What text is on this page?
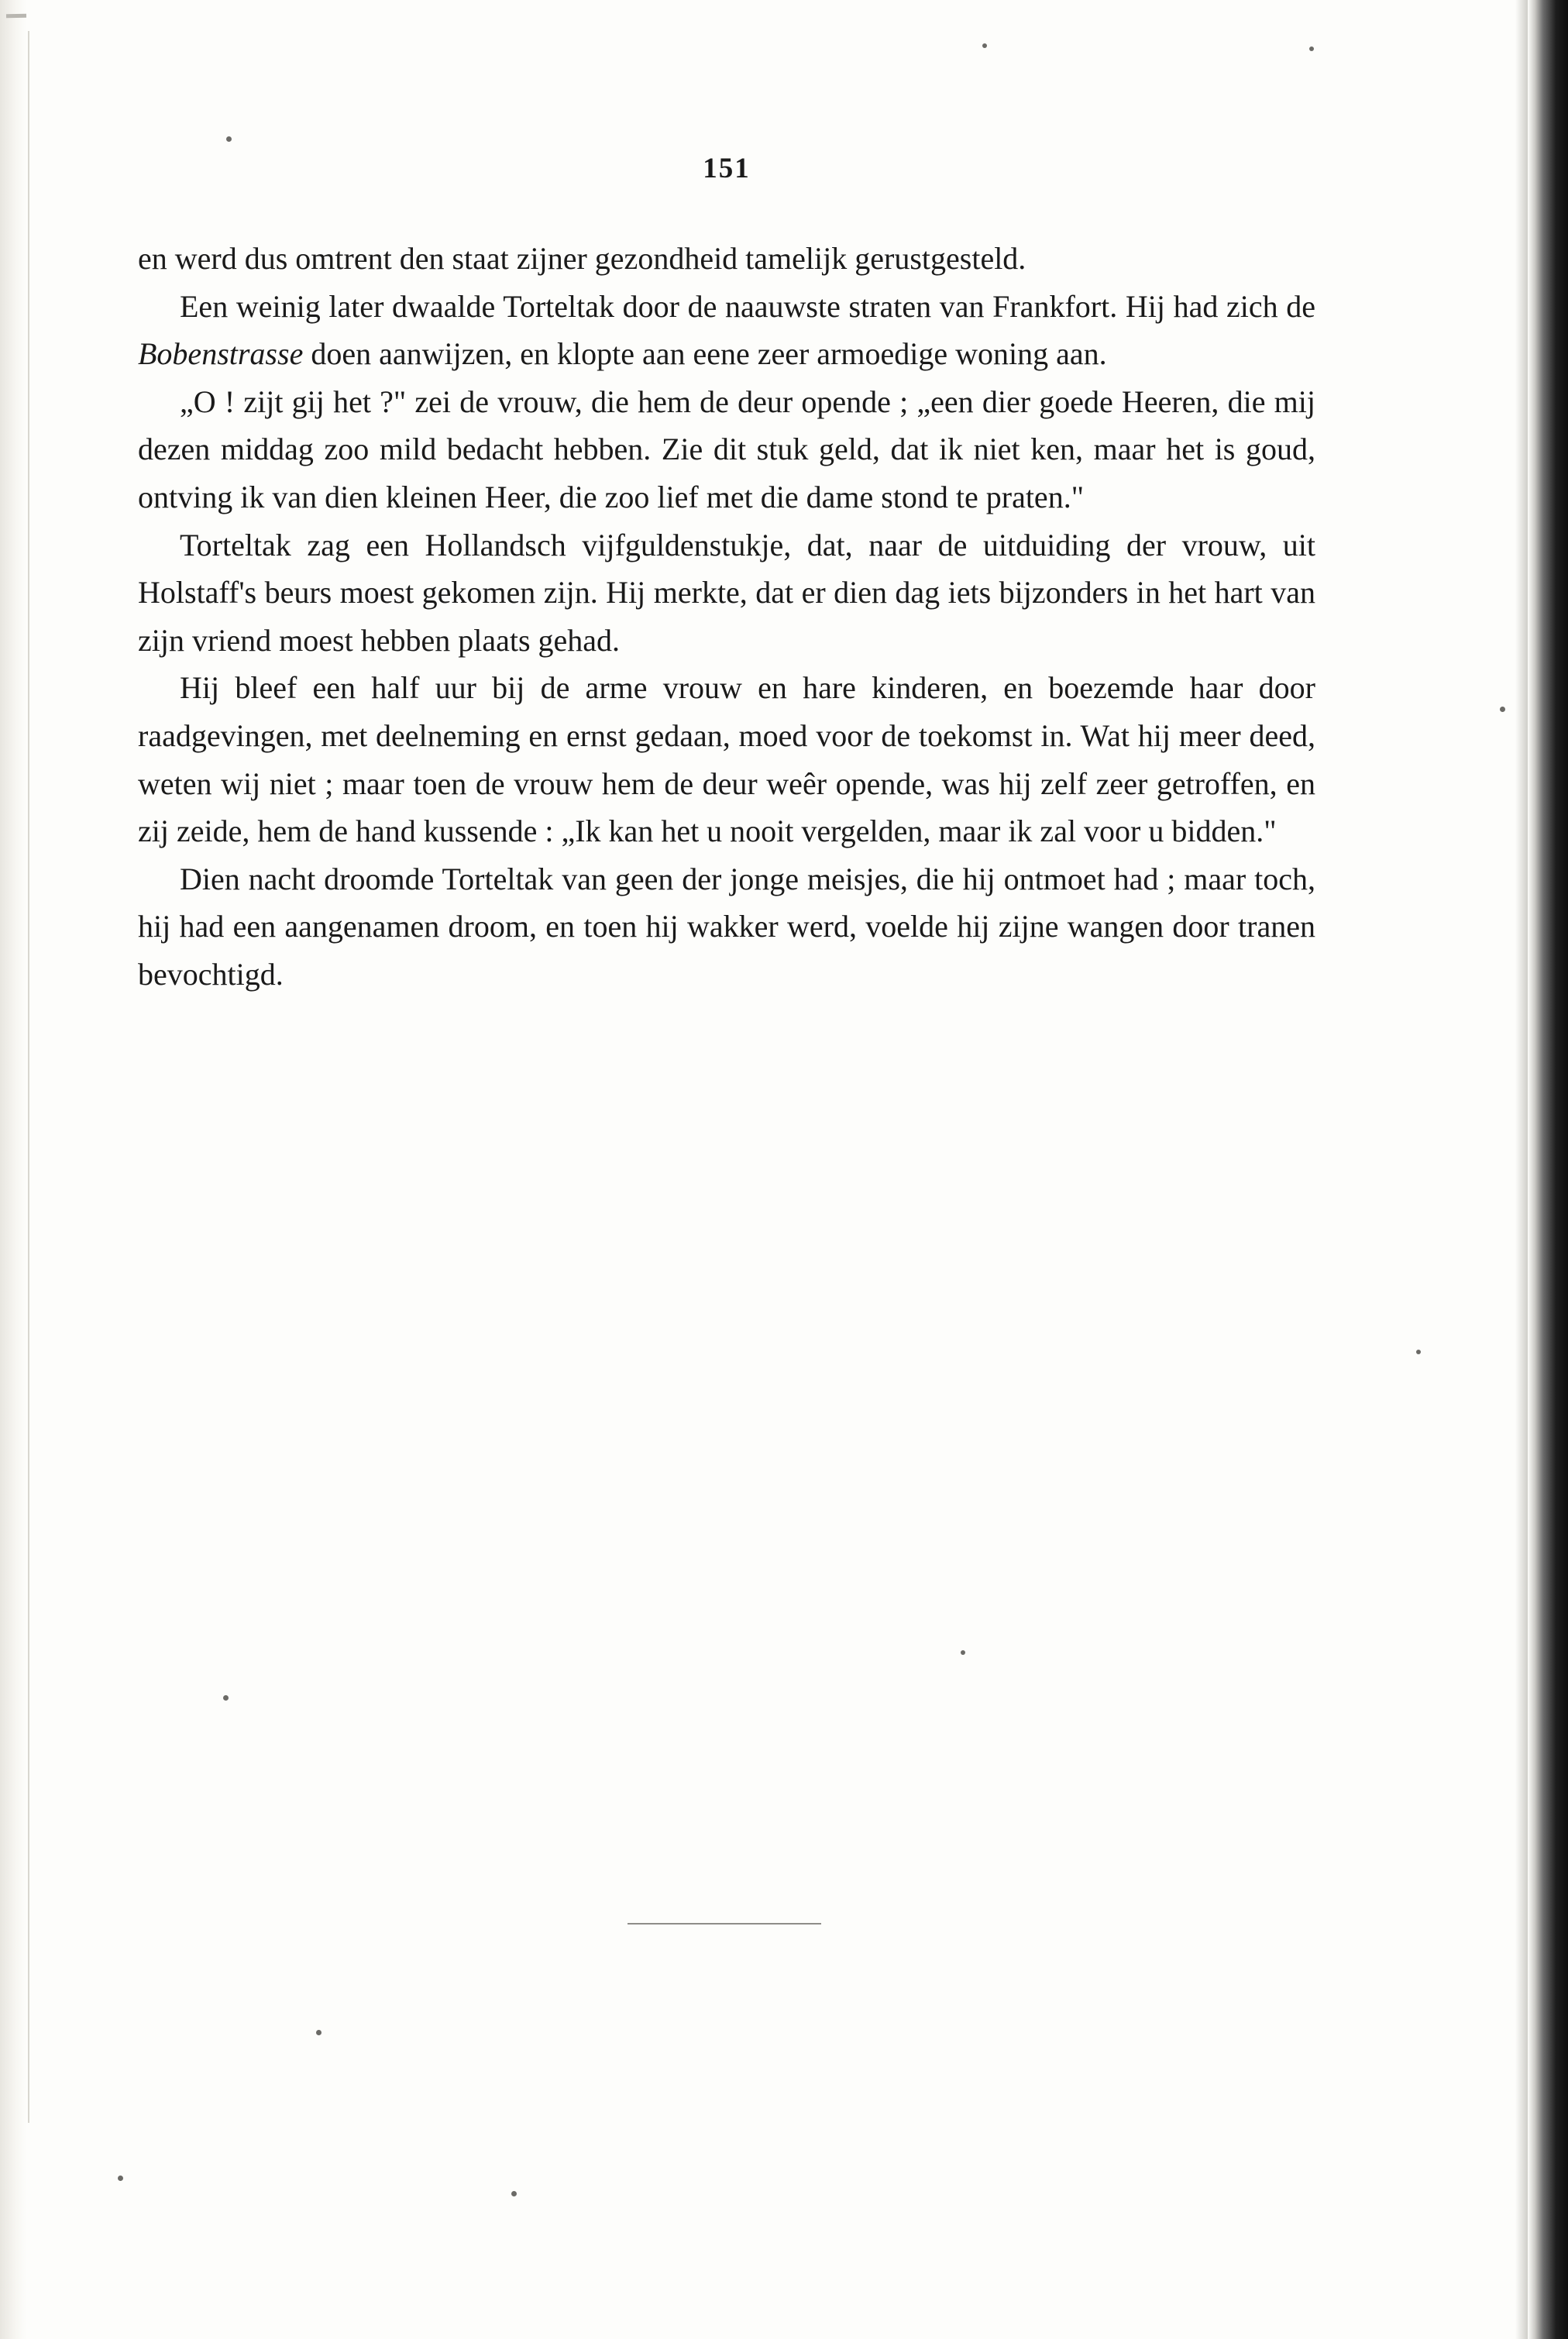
151

en werd dus omtrent den staat zijner gezondheid tamelijk gerustgesteld.

Een weinig later dwaalde Torteltak door de naauwste straten van Frankfort. Hij had zich de Bobenstrasse doen aanwijzen, en klopte aan eene zeer armoedige woning aan.

„O ! zijt gij het ?" zei de vrouw, die hem de deur opende ; „een dier goede Heeren, die mij dezen middag zoo mild bedacht hebben. Zie dit stuk geld, dat ik niet ken, maar het is goud, ontving ik van dien kleinen Heer, die zoo lief met die dame stond te praten."

Torteltak zag een Hollandsch vijfguldenstukje, dat, naar de uitduiding der vrouw, uit Holstaff's beurs moest gekomen zijn. Hij merkte, dat er dien dag iets bijzonders in het hart van zijn vriend moest hebben plaats gehad.

Hij bleef een half uur bij de arme vrouw en hare kinderen, en boezemde haar door raadgevingen, met deelneming en ernst gedaan, moed voor de toekomst in. Wat hij meer deed, weten wij niet ; maar toen de vrouw hem de deur weêr opende, was hij zelf zeer getroffen, en zij zeide, hem de hand kussende : „Ik kan het u nooit vergelden, maar ik zal voor u bidden."

Dien nacht droomde Torteltak van geen der jonge meisjes, die hij ontmoet had ; maar toch, hij had een aangenamen droom, en toen hij wakker werd, voelde hij zijne wangen door tranen bevochtigd.
